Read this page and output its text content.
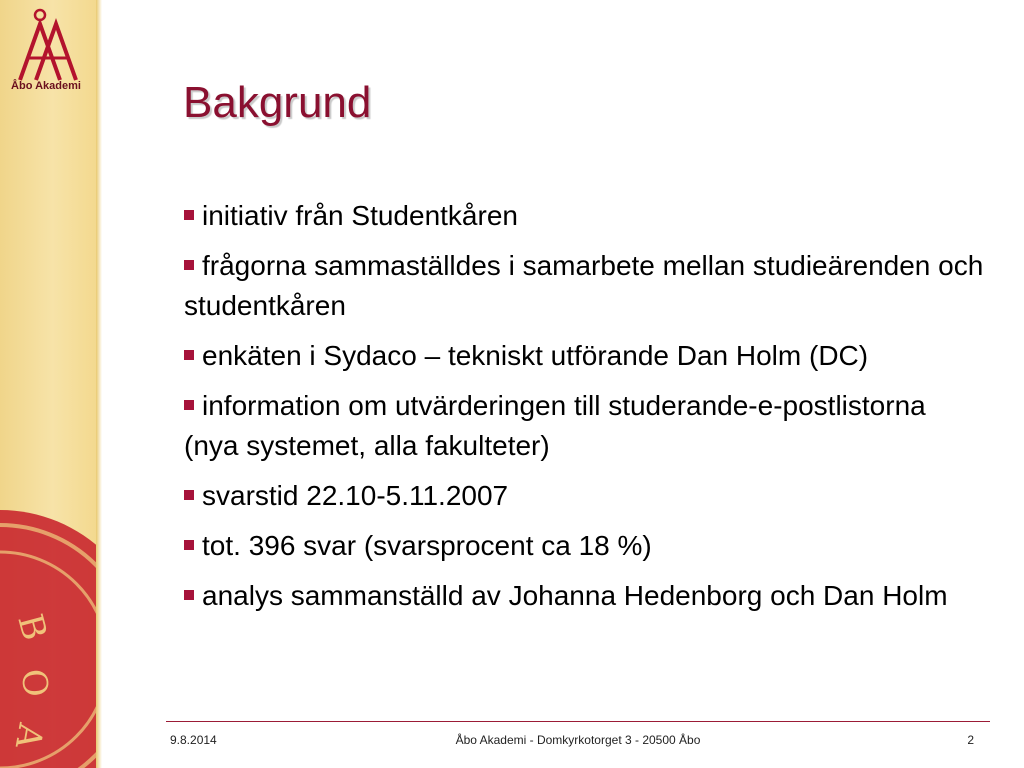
Åbo Akademi
B
O
A
Bakgrund
initiativ från Studentkåren
frågorna sammaställdes i samarbete mellan studieärenden och studentkåren
enkäten i Sydaco – tekniskt utförande Dan Holm (DC)
information om utvärderingen till studerande-e-postlistorna (nya systemet, alla fakulteter)
svarstid 22.10-5.11.2007
tot. 396 svar (svarsprocent ca 18 %)
analys sammanställd av Johanna Hedenborg och Dan Holm
9.8.2014	Åbo Akademi - Domkyrkotorget 3 - 20500 Åbo	2
